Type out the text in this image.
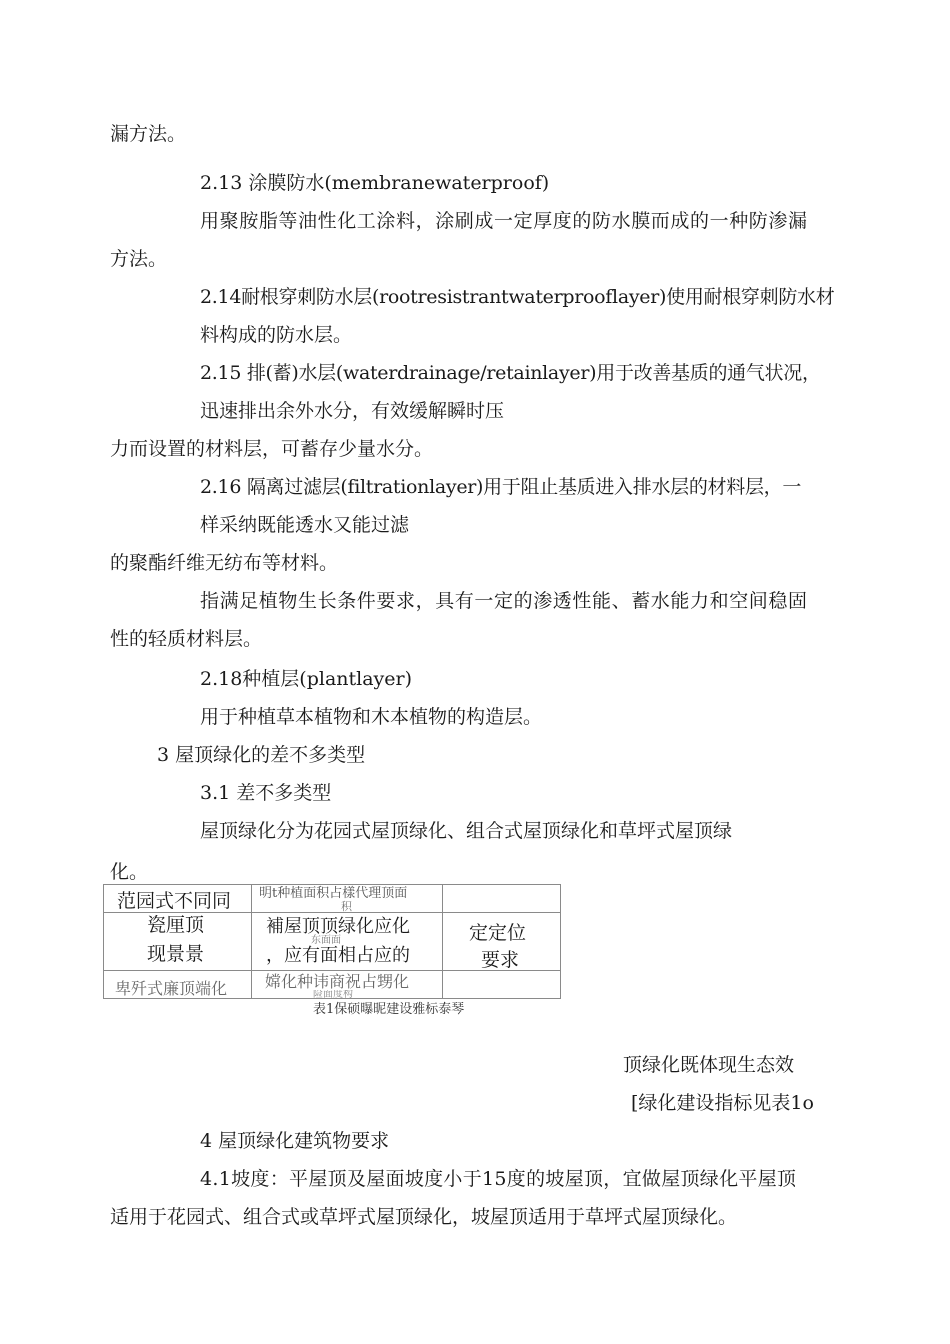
漏方法。
2.13 涂膜防水(membranewaterproof)
用聚胺脂等油性化工涂料，涂刷成一定厚度的防水膜而成的一种防渗漏
方法。
2.14耐根穿刺防水层(rootresistrantwaterproof​layer)使用耐根穿刺防水材
料构成的防水层。
2.15 排(蓄)水层(waterdrainage/retainlayer)用于改善基质的通气状况，
迅速排出余外水分，有效缓解瞬时压
力而设置的材料层，可蓄存少量水分。
2.16 隔离过滤层(filtrationlayer)用于阻止基质进入排水层的材料层，一
样采纳既能透水又能过滤
的聚酯纤维无纺布等材料。
指满足植物生长条件要求，具有一定的渗透性能、蓄水能力和空间稳固
性的轻质材料层。
2.18种植层(plantlayer)
用于种植草本植物和木本植物的构造层。
3 屋顶绿化的差不多类型
3.1 差不多类型
屋顶绿化分为花园式屋顶绿化、组合式屋顶绿化和草坪式屋顶绿
化。
范园式不同同
瓷厘顶
现景景
卑歼式廉顶端化
明t种植面积占樣代理顶面
积
補屋顶顶绿化应化
东面面
，应有面相占应的
嫦化种讳商祝占甥化
险面度构
定定位
要求
表1保硕曝昵建设雅标泰琴
顶绿化既体现生态效
[绿化建设指标见表1o
4 屋顶绿化建筑物要求
4.1坡度：平屋顶及屋面坡度小于15度的坡屋顶，宜做屋顶绿化平屋顶
适用于花园式、组合式或草坪式屋顶绿化，坡屋顶适用于草坪式屋顶绿化。
